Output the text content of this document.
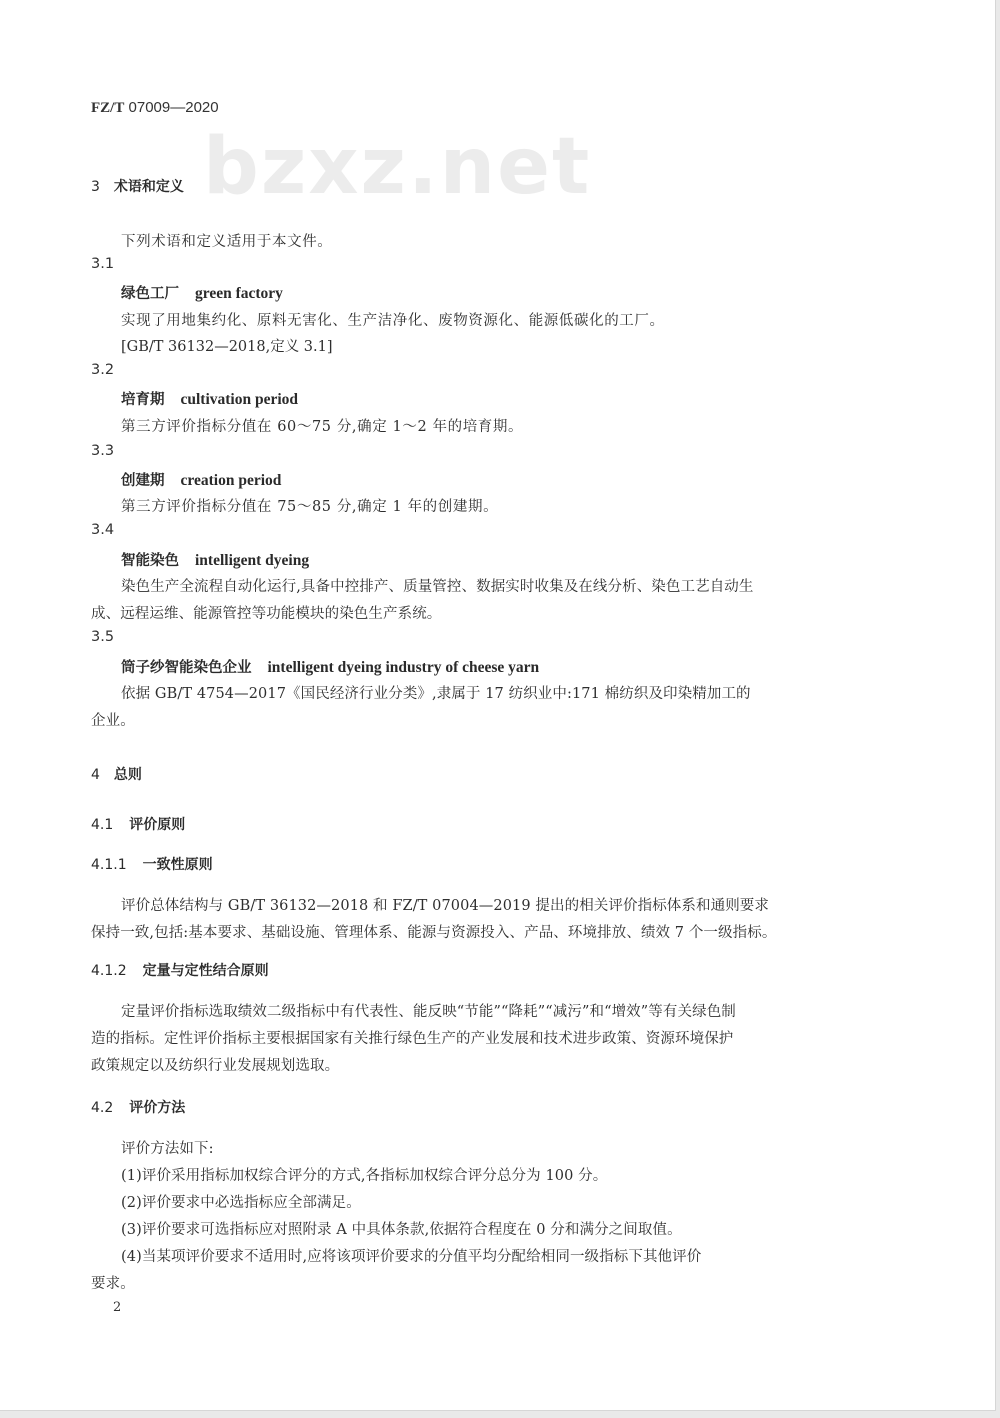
bzxz.net
FZ/T 07009—2020
3 术语和定义
下列术语和定义适用于本文件。
3.1
绿色工厂 green factory
实现了用地集约化、原料无害化、生产洁净化、废物资源化、能源低碳化的工厂。
[GB/T 36132—2018,定义 3.1]
3.2
培育期 cultivation period
第三方评价指标分值在 60～75 分,确定 1～2 年的培育期。
3.3
创建期 creation period
第三方评价指标分值在 75～85 分,确定 1 年的创建期。
3.4
智能染色 intelligent dyeing
染色生产全流程自动化运行,具备中控排产、质量管控、数据实时收集及在线分析、染色工艺自动生
成、远程运维、能源管控等功能模块的染色生产系统。
3.5
筒子纱智能染色企业 intelligent dyeing industry of cheese yarn
依据 GB/T 4754—2017《国民经济行业分类》,隶属于 17 纺织业中:171 棉纺织及印染精加工的
企业。
4 总则
4.1 评价原则
4.1.1 一致性原则
评价总体结构与 GB/T 36132—2018 和 FZ/T 07004—2019 提出的相关评价指标体系和通则要求
保持一致,包括:基本要求、基础设施、管理体系、能源与资源投入、产品、环境排放、绩效 7 个一级指标。
4.1.2 定量与定性结合原则
定量评价指标选取绩效二级指标中有代表性、能反映“节能”“降耗”“减污”和“增效”等有关绿色制
造的指标。定性评价指标主要根据国家有关推行绿色生产的产业发展和技术进步政策、资源环境保护
政策规定以及纺织行业发展规划选取。
4.2 评价方法
评价方法如下:
(1)评价采用指标加权综合评分的方式,各指标加权综合评分总分为 100 分。
(2)评价要求中必选指标应全部满足。
(3)评价要求可选指标应对照附录 A 中具体条款,依据符合程度在 0 分和满分之间取值。
(4)当某项评价要求不适用时,应将该项评价要求的分值平均分配给相同一级指标下其他评价
要求。
2
